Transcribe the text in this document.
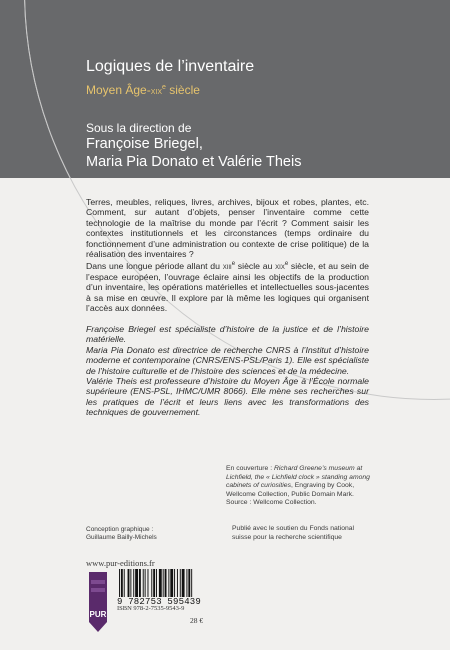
Logiques de l’inventaire
Moyen Âge-xix$^e$ siècle
Sous la direction de
Françoise Briegel,
Maria Pia Donato et Valérie Theis

Terres, meubles, reliques, livres, archives, bijoux et robes, plantes, etc. Comment, sur autant d’objets, penser l’inventaire comme cette technologie de la maîtrise du monde par l’écrit ? Comment saisir les contextes institutionnels et les circonstances (temps ordinaire du fonctionnement d’une administration ou contexte de crise politique) de la réalisation des inventaires ?

Dans une longue période allant du xiii$^e$ siècle au xix$^e$ siècle, et au sein de l’espace européen, l’ouvrage éclaire ainsi les objectifs de la production d’un inventaire, les opérations matérielles et intellectuelles sous-jacentes à sa mise en œuvre. Il explore par là même les logiques qui organisent l’accès aux données.

Françoise Briegel est spécialiste d’histoire de la justice et de l’histoire matérielle.

Maria Pia Donato est directrice de recherche CNRS à l’Institut d’histoire moderne et contemporaine (CNRS/ENS-PSL/Paris 1). Elle est spécialiste de l’histoire culturelle et de l’histoire des sciences et de la médecine.

Valérie Theis est professeure d’histoire du Moyen Âge à l’École normale supérieure (ENS-PSL, IHMC/UMR 8066). Elle mène ses recherches sur les pratiques de l’écrit et leurs liens avec les transformations des techniques de gouvernement.

En couverture : Richard Greene’s museum at Lichfield, the « Lichfield clock » standing among cabinets of curiosities, Engraving by Cook, Wellcome Collection, Public Domain Mark. Source : Wellcome Collection.
Conception graphique :
Guillaume Bailly-Michels
Publié avec le soutien du Fonds national suisse pour la recherche scientifique
www.pur-editions.fr
PUR
9 782753 595439
ISBN 978-2-7535-9543-9
28 €
